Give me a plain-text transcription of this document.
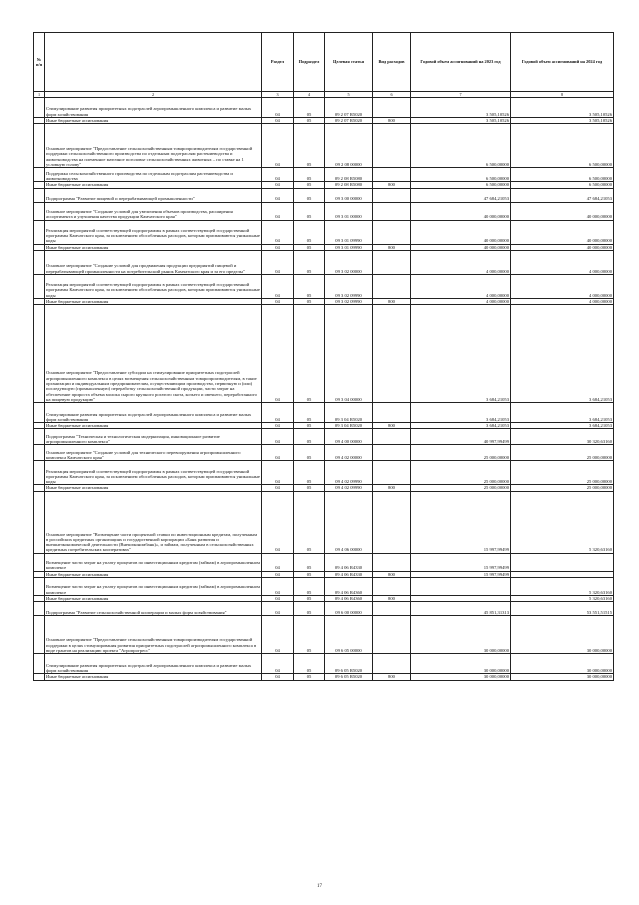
№ п/п		Раздел	Подраздел	Целевая статья	Вид расходов	Годовой объем ассигнований на 2023 год	Годовой объем ассигнований на 2024 год
1	2	3	4	5	6	7	8
	Стимулирование развития приоритетных подотраслей агропромышленного комплекса и развитие малых форм хозяйствования	04	05	09 2 07 R5020		3 505,10526	3 505,10526
	Иные бюджетные ассигнования	04	05	09 2 07 R5020	800	3 505,10526	3 505,10526
	Основное мероприятие "Предоставление сельскохозяйственным товаропроизводителям государственной поддержки сельскохозяйственного производства по отдельным подотраслям растениеводства и животноводства на племенное маточное поголовье сельскохозяйственных животных – по ставке на 1 условную голову"	04	05	09 2 08 00000		6 500,00000	6 500,00000
	Поддержка сельскохозяйственного производства по отдельным подотраслям растениеводства и животноводства	04	05	09 2 08 R5080		6 500,00000	6 500,00000
	Иные бюджетные ассигнования	04	05	09 2 08 R5080	800	6 500,00000	6 500,00000
	Подпрограмма "Развитие пищевой и перерабатывающей промышленности"	04	05	09 3 00 00000		47 684,21053	47 684,21053
	Основное мероприятие "Создание условий для увеличения объемов производства, расширения ассортимента и улучшения качества продукции Камчатского края"	04	05	09 3 01 00000		40 000,00000	40 000,00000
	Реализация мероприятий соответствующей подпрограммы в рамках соответствующей государственной программы Камчатского края, за исключением обособленных расходов, которым присваиваются уникальные коды	04	05	09 3 01 09990		40 000,00000	40 000,00000
	Иные бюджетные ассигнования	04	05	09 3 01 09990	800	40 000,00000	40 000,00000
	Основное мероприятие "Создание условий для продвижения продукции предприятий пищевой и перерабатывающей промышленности на потребительский рынок Камчатского края и за его пределы"	04	05	09 3 02 00000		4 000,00000	4 000,00000
	Реализация мероприятий соответствующей подпрограммы в рамках соответствующей государственной программы Камчатского края, за исключением обособленных расходов, которым присваиваются уникальные коды	04	05	09 3 02 09990		4 000,00000	4 000,00000
	Иные бюджетные ассигнования	04	05	09 3 02 09990	800	4 000,00000	4 000,00000
	Основное мероприятие "Предоставление субсидии на стимулирование приоритетных подотраслей агропромышленного комплекса в целях возмещения сельскохозяйственным товаропроизводителям, в такие организации и индивидуальным предпринимателям, осуществляющим производство, первичную и (или) последующую (промышленную) переработку сельскохозяйственной продукции, части затрат на обеспечение прироста объема молока сырого крупного рогатого скота, козьего и овечьего, переработанного на пищевую продукцию"	04	05	09 3 04 00000		3 684,21053	3 684,21053
	Стимулирование развития приоритетных подотраслей агропромышленного комплекса и развитие малых форм хозяйствования	04	05	09 3 04 R5020		3 684,21053	3 684,21053
	Иные бюджетные ассигнования	04	05	09 3 04 R5020	800	3 684,21053	3 684,21053
	Подпрограмма "Техническая и технологическая модернизация, инновационное развитие агропромышленного комплекса"	04	05	09 4 00 00000		40 997,99499	30 320,63160
	Основное мероприятие "Создание условий для технического перевооружения агропромышленного комплекса Камчатского края"	04	05	09 4 02 00000		25 000,00000	25 000,00000
	Реализация мероприятий соответствующей подпрограммы в рамках соответствующей государственной программы Камчатского края, за исключением обособленных расходов, которым присваиваются уникальные коды	04	05	09 4 02 09990		25 000,00000	25 000,00000
	Иные бюджетные ассигнования	04	05	09 4 02 09990	800	25 000,00000	25 000,00000
	Основное мероприятие "Возмещение части процентной ставки по инвестиционным кредитам, полученным в российских кредитных организациях и государственной корпорации «Банк развития и внешнеэкономической деятельности (Внешэкономбанк)», и займам, полученным в сельскохозяйственных кредитных потребительских кооперативах"	04	05	09 4 06 00000		15 997,99499	5 320,63160
	Возмещение части затрат на уплату процентов по инвестиционным кредитам (займам) в агропромышленном комплексе	04	05	09 4 06 R4330		15 997,99499	
	Иные бюджетные ассигнования	04	05	09 4 06 R4330	800	15 997,99499	
	Возмещение части затрат на уплату процентов по инвестиционным кредитам (займам) в агропромышленном комплексе	04	05	09 4 06 R4360			5 320,63160
	Иные бюджетные ассигнования	04	05	09 4 06 R4360	800		5 320,63160
	Подпрограмма "Развитие сельскохозяйственной кооперации и малых форм хозяйствования"	04	05	09 6 00 00000		45 851,31313	53 551,51515
	Основное мероприятие "Предоставление сельскохозяйственным товаропроизводителям государственной поддержки в целях стимулирования развития приоритетных подотраслей агропромышленного комплекса в виде грантов на реализацию проекта "Агропрогресс"	04	05	09 6 05 00000		30 000,00000	30 000,00000
	Стимулирование развития приоритетных подотраслей агропромышленного комплекса и развитие малых форм хозяйствования	04	05	09 6 05 R5020		30 000,00000	30 000,00000
	Иные бюджетные ассигнования	04	05	09 6 05 R5020	800	30 000,00000	30 000,00000
17
